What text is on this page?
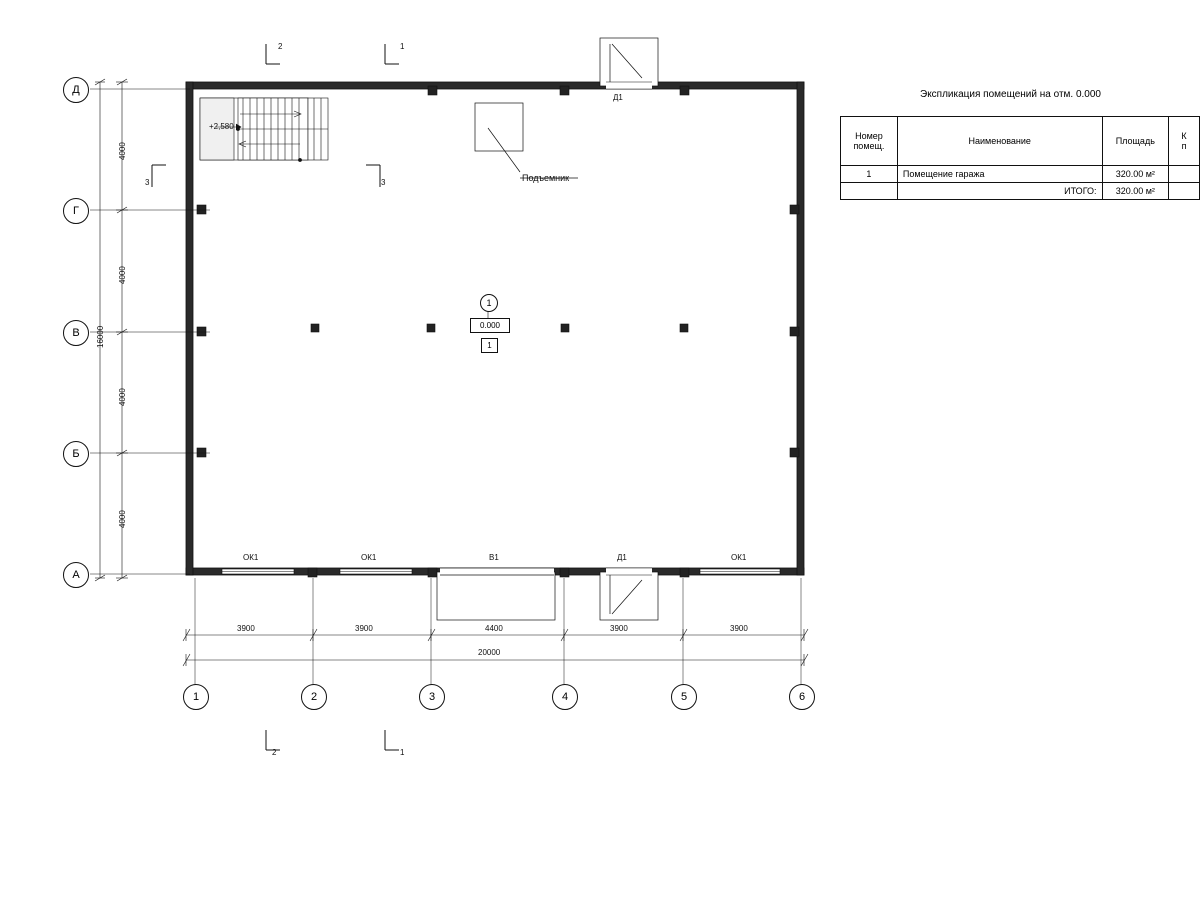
Д
Г
В
Б
А
1	2	3	4	5	6
4000
4000
4000
4000
16000
3900	3900	4400	3900	3900
20000
2	1
2	1
3	3
+2,580
Подъемник
Д1
Д1
ОК1	ОК1	ОК1
В1
1
0.000
1
Экспликация помещений на отм. 0.000
Номер
помещ.	Наименование	Площадь	К
п
1	Помещение гаража	320.00 м²	
	ИТОГО:	320.00 м²	
